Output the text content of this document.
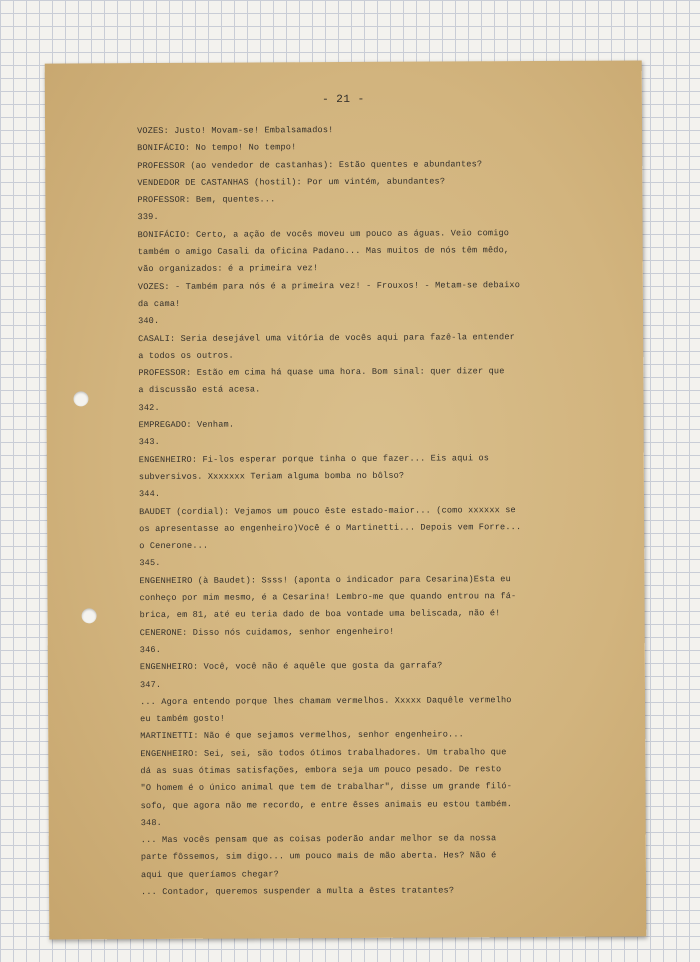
- 21 -
VOZES: Justo! Movam-se! Embalsamados!
BONIFÁCIO: No tempo! No tempo!
PROFESSOR (ao vendedor de castanhas): Estão quentes e abundantes?
VENDEDOR DE CASTANHAS (hostil): Por um vintém, abundantes?
PROFESSOR: Bem, quentes...
339.
BONIFÁCIO: Certo, a ação de vocês moveu um pouco as águas. Veio comigo
também o amigo Casali da oficina Padano... Mas muitos de nós têm mêdo,
vão organizados: é a primeira vez!
VOZES: - Também para nós é a primeira vez! - Frouxos! - Metam-se debaixo
da cama!
340.
CASALI: Seria desejável uma vitória de vocês aqui para fazê-la entender
a todos os outros.
PROFESSOR: Estão em cima há quase uma hora. Bom sinal: quer dizer que
a discussão está acesa.
342.
EMPREGADO: Venham.
343.
ENGENHEIRO: Fi-los esperar porque tinha o que fazer... Eis aqui os
subversivos. Xxxxxxx Teriam alguma bomba no bôlso?
344.
BAUDET (cordial): Vejamos um pouco êste estado-maior... (como xxxxxx se
os apresentasse ao engenheiro)Você é o Martinetti... Depois vem Forre...
o Cenerone...
345.
ENGENHEIRO (à Baudet): Ssss! (aponta o indicador para Cesarina)Esta eu
conheço por mim mesmo, é a Cesarina! Lembro-me que quando entrou na fá-
brica, em 81, até eu teria dado de boa vontade uma beliscada, não é!
CENERONE: Disso nós cuidamos, senhor engenheiro!
346.
ENGENHEIRO: Você, você não é aquêle que gosta da garrafa?
347.
... Agora entendo porque lhes chamam vermelhos. Xxxxx Daquêle vermelho
eu também gosto!
MARTINETTI: Não é que sejamos vermelhos, senhor engenheiro...
ENGENHEIRO: Sei, sei, são todos ótimos trabalhadores. Um trabalho que
dá as suas ótimas satisfações, embora seja um pouco pesado. De resto
"O homem é o único animal que tem de trabalhar", disse um grande filó-
sofo, que agora não me recordo, e entre êsses animais eu estou também.
348.
... Mas vocês pensam que as coisas poderão andar melhor se da nossa
parte fôssemos, sim digo... um pouco mais de mão aberta. Hes? Não é
aqui que queríamos chegar?
... Contador, queremos suspender a multa a êstes tratantes?
